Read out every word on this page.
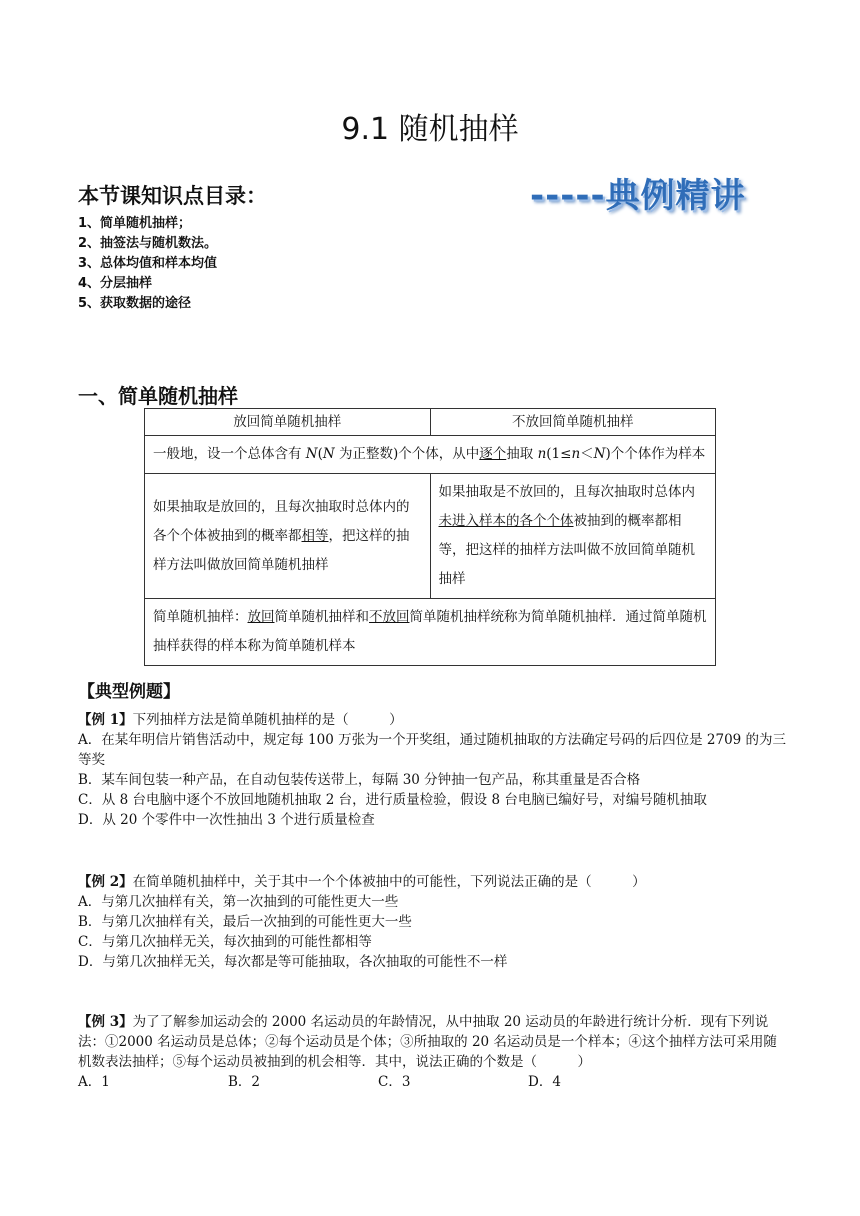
9.1 随机抽样
本节课知识点目录：	-----典例精讲
1、简单随机抽样；
2、抽签法与随机数法。
3、总体均值和样本均值
4、分层抽样
5、获取数据的途径
一、简单随机抽样
放回简单随机抽样	不放回简单随机抽样
一般地，设一个总体含有 N(N 为正整数)个个体，从中逐个抽取 n(1≤n＜N)个个体作为样本	
如果抽取是放回的，且每次抽取时总体内的各个个体被抽到的概率都相等，把这样的抽样方法叫做放回简单随机抽样	如果抽取是不放回的，且每次抽取时总体内未进入样本的各个个体被抽到的概率都相等，把这样的抽样方法叫做不放回简单随机抽样
简单随机抽样：放回简单随机抽样和不放回简单随机抽样统称为简单随机抽样．通过简单随机抽样获得的样本称为简单随机样本	
【典型例题】
【例 1】下列抽样方法是简单随机抽样的是（　　　）
A．在某年明信片销售活动中，规定每 100 万张为一个开奖组，通过随机抽取的方法确定号码的后四位是 2709 的为三等奖
B．某车间包装一种产品，在自动包装传送带上，每隔 30 分钟抽一包产品，称其重量是否合格
C．从 8 台电脑中逐个不放回地随机抽取 2 台，进行质量检验，假设 8 台电脑已编好号，对编号随机抽取
D．从 20 个零件中一次性抽出 3 个进行质量检查
【例 2】在简单随机抽样中，关于其中一个个体被抽中的可能性，下列说法正确的是（　　　）
A．与第几次抽样有关，第一次抽到的可能性更大一些
B．与第几次抽样有关，最后一次抽到的可能性更大一些
C．与第几次抽样无关，每次抽到的可能性都相等
D．与第几次抽样无关，每次都是等可能抽取，各次抽取的可能性不一样
【例 3】为了了解参加运动会的 2000 名运动员的年龄情况，从中抽取 20 运动员的年龄进行统计分析．现有下列说法：①2000 名运动员是总体；②每个运动员是个体；③所抽取的 20 名运动员是一个样本；④这个抽样方法可采用随机数表法抽样；⑤每个运动员被抽到的机会相等．其中，说法正确的个数是（　　　）
A．1	B．2	C．3	D．4
